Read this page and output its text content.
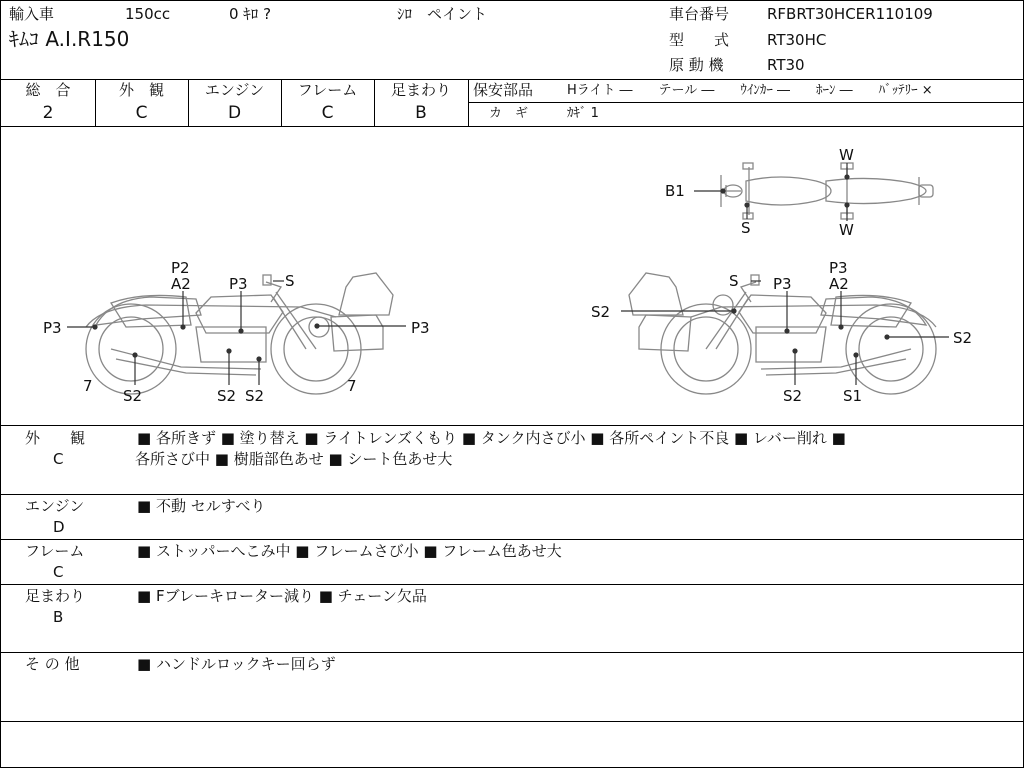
輸入車	150cc	0 ｷﾛ ?	ｼﾛ　ペイント
ｷﾑｺ A.I.R150
車台番号	RFBRT30HCER110109
型　　式	RT30HC
原 動 機	RT30
総　合
2
外　観
C
エンジン
D
フレーム
C
足まわり
B
保安部品	Hライト ―　　テール ―　　ｳｲﾝｶｰ ―　　ﾎｰﾝ ―　　ﾊﾞｯﾃﾘｰ ×
カ　ギ	ｶｷﾞ 1
B1
W
W
S
P2
A2	P3 S
P3	P3
7
S2	S2 S2
7
S P3
P3
A2
S2
S2
S2	S1
外　　観
C
■ 各所きず ■ 塗り替え ■ ライトレンズくもり ■ タンク内さび小 ■ 各所ペイント不良 ■ レバー削れ ■
各所さび中 ■ 樹脂部色あせ ■ シート色あせ大
エンジン
D
■ 不動 セルすべり
フレーム
C
■ ストッパーへこみ中 ■ フレームさび小 ■ フレーム色あせ大
足まわり
B
■ Fブレーキローター減り ■ チェーン欠品
そ の 他	■ ハンドルロックキー回らず
